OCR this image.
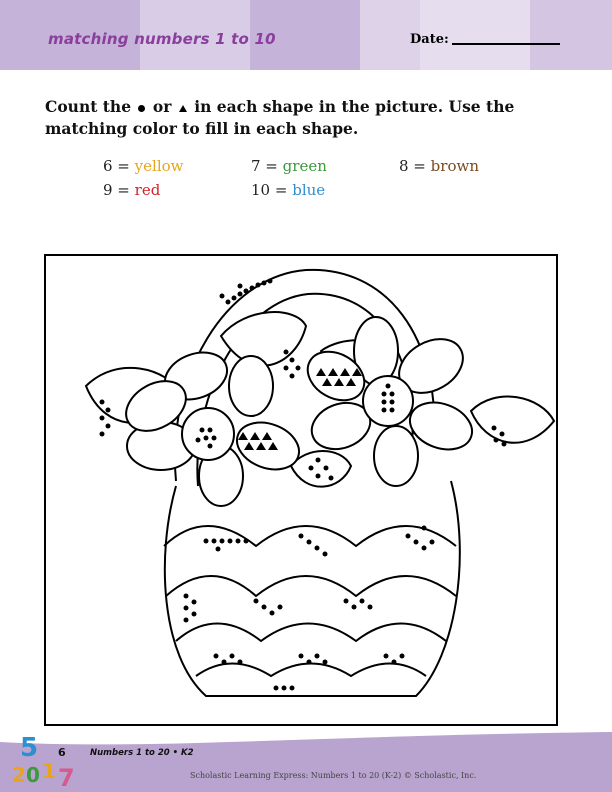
matching numbers 1 to 10	Date:
Count the or in each shape in the picture. Use the matching color to fill in each shape.
6 = yellow	7 = green	8 = brown
9 = red	10 = blue
5
2 0 1 7
6	Numbers 1 to 20 • K2
Scholastic Learning Express: Numbers 1 to 20 (K-2) © Scholastic, Inc.
